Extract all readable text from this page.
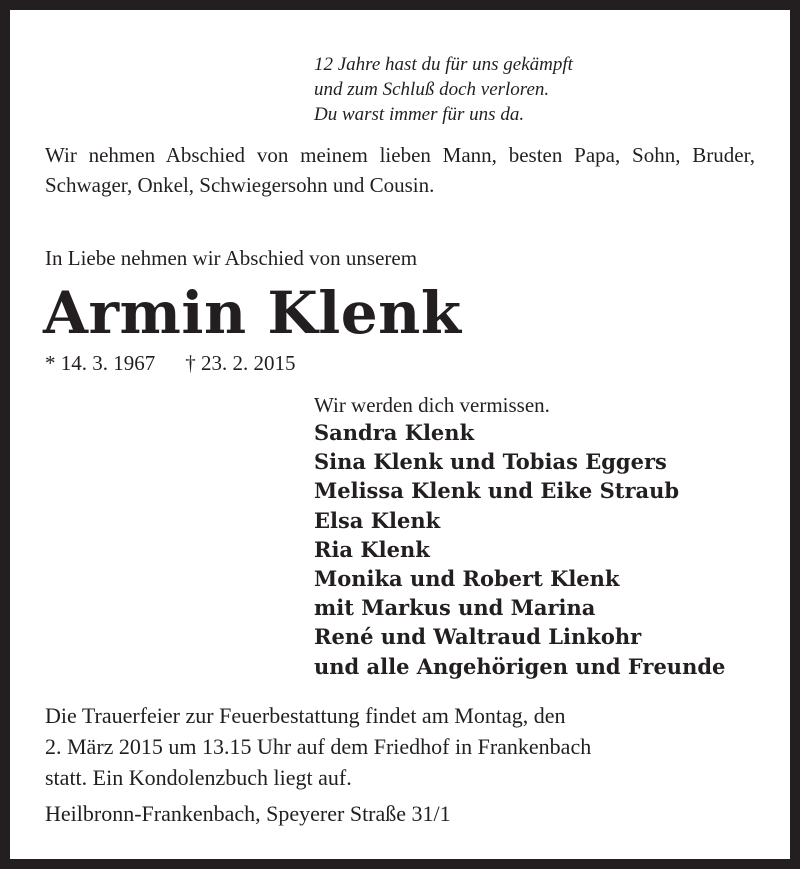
12 Jahre hast du für uns gekämpft
und zum Schluß doch verloren.
Du warst immer für uns da.
Wir nehmen Abschied von meinem lieben Mann, besten Papa, Sohn, Bruder, Schwager, Onkel, Schwiegersohn und Cousin.
In Liebe nehmen wir Abschied von unserem
Armin Klenk
* 14. 3. 1967 † 23. 2. 2015
Wir werden dich vermissen.
Sandra Klenk
Sina Klenk und Tobias Eggers
Melissa Klenk und Eike Straub
Elsa Klenk
Ria Klenk
Monika und Robert Klenk
mit Markus und Marina
René und Waltraud Linkohr
und alle Angehörigen und Freunde
Die Trauerfeier zur Feuerbestattung findet am Montag, den
2. März 2015 um 13.15 Uhr auf dem Friedhof in Frankenbach
statt. Ein Kondolenzbuch liegt auf.
Heilbronn-Frankenbach, Speyerer Straße 31/1
